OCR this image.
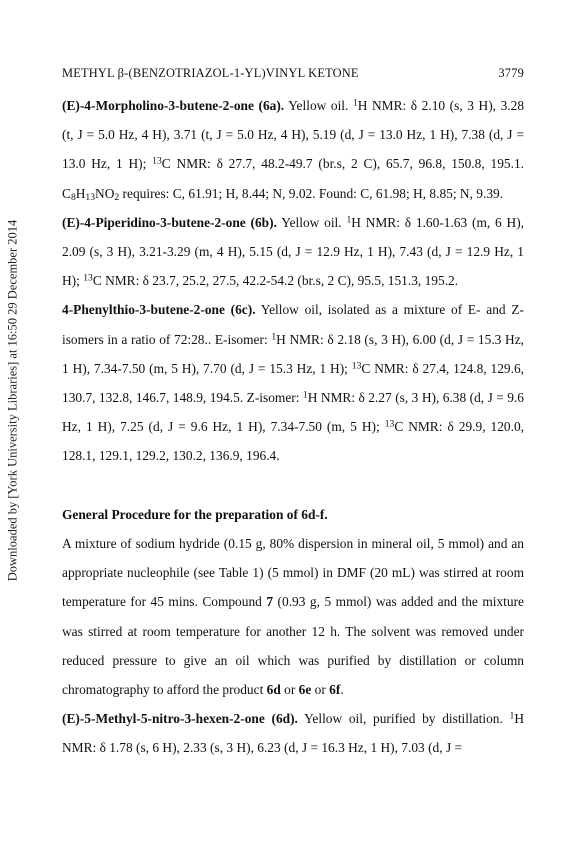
Downloaded by [York University Libraries] at 16:50 29 December 2014
METHYL β-(BENZOTRIAZOL-1-YL)VINYL KETONE	3779

(E)-4-Morpholino-3-butene-2-one (6a). Yellow oil. $^1$H NMR: δ 2.10 (s, 3 H), 3.28 (t, J = 5.0 Hz, 4 H), 3.71 (t, J = 5.0 Hz, 4 H), 5.19 (d, J = 13.0 Hz, 1 H), 7.38 (d, J = 13.0 Hz, 1 H); $^{13}$C NMR: δ 27.7, 48.2-49.7 (br.s, 2 C), 65.7, 96.8, 150.8, 195.1. $C_8H_{13}NO_2$ requires: C, 61.91; H, 8.44; N, 9.02. Found: C, 61.98; H, 8.85; N, 9.39.

(E)-4-Piperidino-3-butene-2-one (6b). Yellow oil. $^1$H NMR: δ 1.60-1.63 (m, 6 H), 2.09 (s, 3 H), 3.21-3.29 (m, 4 H), 5.15 (d, J = 12.9 Hz, 1 H), 7.43 (d, J = 12.9 Hz, 1 H); $^{13}$C NMR: δ 23.7, 25.2, 27.5, 42.2-54.2 (br.s, 2 C), 95.5, 151.3, 195.2.

4-Phenylthio-3-butene-2-one (6c). Yellow oil, isolated as a mixture of E- and Z-isomers in a ratio of 72:28.. E-isomer: $^1$H NMR: δ 2.18 (s, 3 H), 6.00 (d, J = 15.3 Hz, 1 H), 7.34-7.50 (m, 5 H), 7.70 (d, J = 15.3 Hz, 1 H); $^{13}$C NMR: δ 27.4, 124.8, 129.6, 130.7, 132.8, 146.7, 148.9, 194.5. Z-isomer: $^1$H NMR: δ 2.27 (s, 3 H), 6.38 (d, J = 9.6 Hz, 1 H), 7.25 (d, J = 9.6 Hz, 1 H), 7.34-7.50 (m, 5 H); $^{13}$C NMR: δ 29.9, 120.0, 128.1, 129.1, 129.2, 130.2, 136.9, 196.4.

General Procedure for the preparation of 6d-f.

A mixture of sodium hydride (0.15 g, 80% dispersion in mineral oil, 5 mmol) and an appropriate nucleophile (see Table 1) (5 mmol) in DMF (20 mL) was stirred at room temperature for 45 mins. Compound 7 (0.93 g, 5 mmol) was added and the mixture was stirred at room temperature for another 12 h. The solvent was removed under reduced pressure to give an oil which was purified by distillation or column chromatography to afford the product 6d or 6e or 6f.

(E)-5-Methyl-5-nitro-3-hexen-2-one (6d). Yellow oil, purified by distillation. $^1$H NMR: δ 1.78 (s, 6 H), 2.33 (s, 3 H), 6.23 (d, J = 16.3 Hz, 1 H), 7.03 (d, J =
